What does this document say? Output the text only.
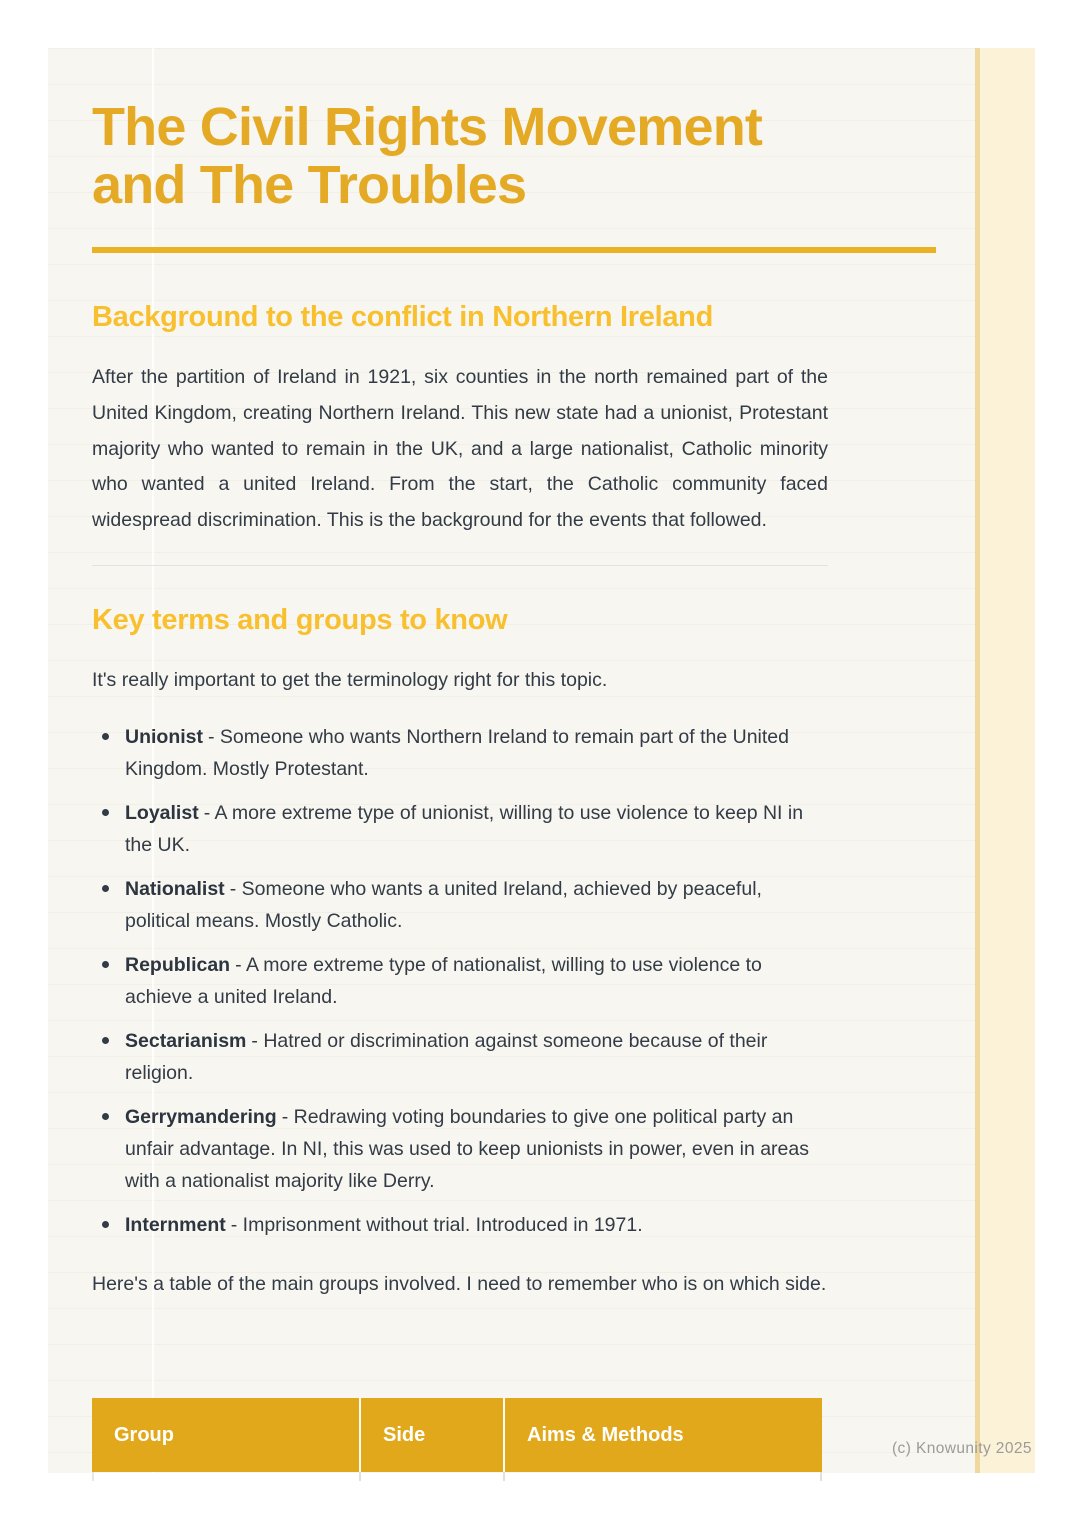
The Civil Rights Movement
and The Troubles
Background to the conflict in Northern Ireland

After the partition of Ireland in 1921, six counties in the north remained part of the United Kingdom, creating Northern Ireland. This new state had a unionist, Protestant majority who wanted to remain in the UK, and a large nationalist, Catholic minority who wanted a united Ireland. From the start, the Catholic community faced widespread discrimination. This is the background for the events that followed.

Key terms and groups to know

It's really important to get the terminology right for this topic.

Unionist - Someone who wants Northern Ireland to remain part of the United Kingdom. Mostly Protestant.
Loyalist - A more extreme type of unionist, willing to use violence to keep NI in the UK.
Nationalist - Someone who wants a united Ireland, achieved by peaceful, political means. Mostly Catholic.
Republican - A more extreme type of nationalist, willing to use violence to achieve a united Ireland.
Sectarianism - Hatred or discrimination against someone because of their religion.
Gerrymandering - Redrawing voting boundaries to give one political party an unfair advantage. In NI, this was used to keep unionists in power, even in areas with a nationalist majority like Derry.
Internment - Imprisonment without trial. Introduced in 1971.

Here's a table of the main groups involved. I need to remember who is on which side.

Group	Side	Aims & Methods
(c) Knowunity 2025
